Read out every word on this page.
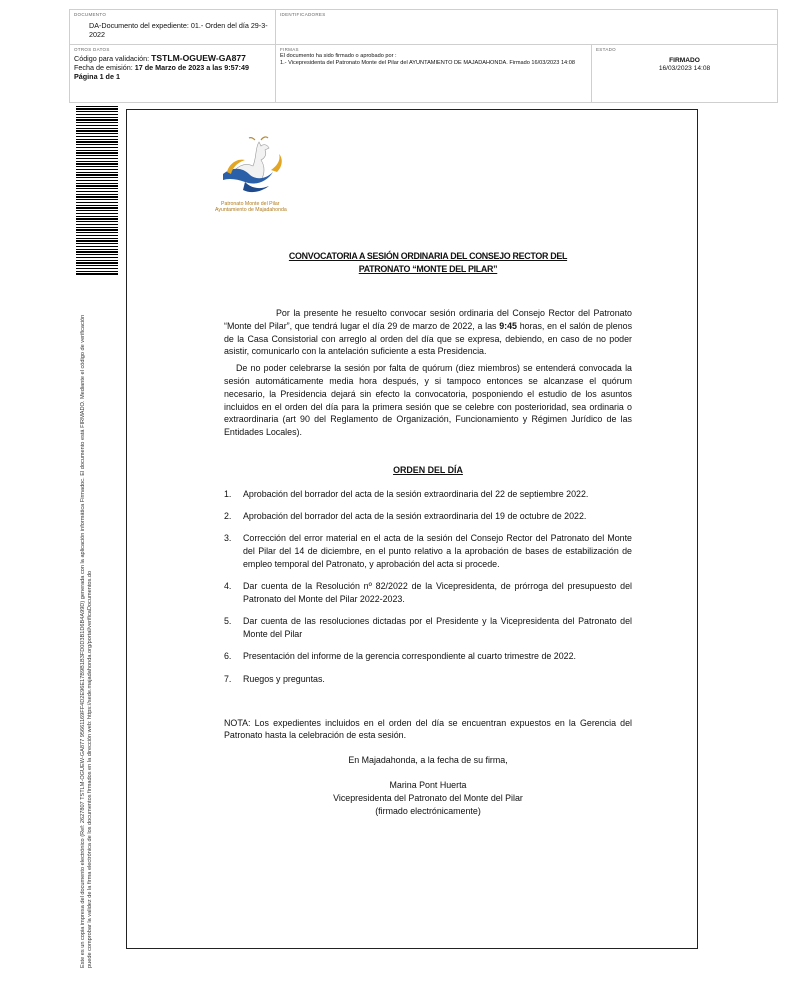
DOCUMENTO
DA-Documento del expediente: 01.- Orden del día 29-3-2022
IDENTIFICADORES
OTROS DATOS
Código para validación: TSTLM-OGUEW-GA877
Fecha de emisión: 17 de Marzo de 2023 a las 9:57:49
Página 1 de 1
FIRMAS
El documento ha sido firmado o aprobado por :
1.- Vicepresidenta del Patronato Monte del Pilar del AYUNTAMIENTO DE MAJADAHONDA. Firmado 16/03/2023 14:08
ESTADO
FIRMADO
16/03/2023 14:08
Este es un copia impresa del documento electrónico (Ref: 2627807 TSTLM-OGUEW-GA877 95661169FF4D2E96E17B9B1B3FD0D3B1D6B4A99D) generada con la aplicación informática Firmadoc. El documento está FIRMADO. Mediante el código de verificación puede comprobar la validez de la firma electrónica de los documentos firmados en la dirección web: https://sede.majadahonda.org/portal/verificaDocumentos.do
Patronato Monte del Pilar
Ayuntamiento de Majadahonda
CONVOCATORIA A SESIÓN ORDINARIA DEL CONSEJO RECTOR DEL
PATRONATO “MONTE DEL PILAR”
Por la presente he resuelto convocar sesión ordinaria del Consejo Rector del Patronato “Monte del Pilar”, que tendrá lugar el día 29 de marzo de 2022, a las 9:45 horas, en el salón de plenos de la Casa Consistorial con arreglo al orden del día que se expresa, debiendo, en caso de no poder asistir, comunicarlo con la antelación suficiente a esta Presidencia.
De no poder celebrarse la sesión por falta de quórum (diez miembros) se entenderá convocada la sesión automáticamente media hora después, y si tampoco entonces se alcanzase el quórum necesario, la Presidencia dejará sin efecto la convocatoria, posponiendo el estudio de los asuntos incluidos en el orden del día para la primera sesión que se celebre con posterioridad, sea ordinaria o extraordinaria (art 90 del Reglamento de Organización, Funcionamiento y Régimen Jurídico de las Entidades Locales).
ORDEN DEL DÍA
1. Aprobación del borrador del acta de la sesión extraordinaria del 22 de septiembre 2022.
2. Aprobación del borrador del acta de la sesión extraordinaria del 19 de octubre de 2022.
3. Corrección del error material en el acta de la sesión del Consejo Rector del Patronato del Monte del Pilar del 14 de diciembre, en el punto relativo a la aprobación de bases de estabilización de empleo temporal del Patronato, y aprobación del acta si procede.
4. Dar cuenta de la Resolución nº 82/2022 de la Vicepresidenta, de prórroga del presupuesto del Patronato del Monte del Pilar 2022-2023.
5. Dar cuenta de las resoluciones dictadas por el Presidente y la Vicepresidenta del Patronato del Monte del Pilar
6. Presentación del informe de la gerencia correspondiente al cuarto trimestre de 2022.
7. Ruegos y preguntas.
NOTA: Los expedientes incluidos en el orden del día se encuentran expuestos en la Gerencia del Patronato hasta la celebración de esta sesión.
En Majadahonda, a la fecha de su firma,
Marina Pont Huerta
Vicepresidenta del Patronato del Monte del Pilar
(firmado electrónicamente)
